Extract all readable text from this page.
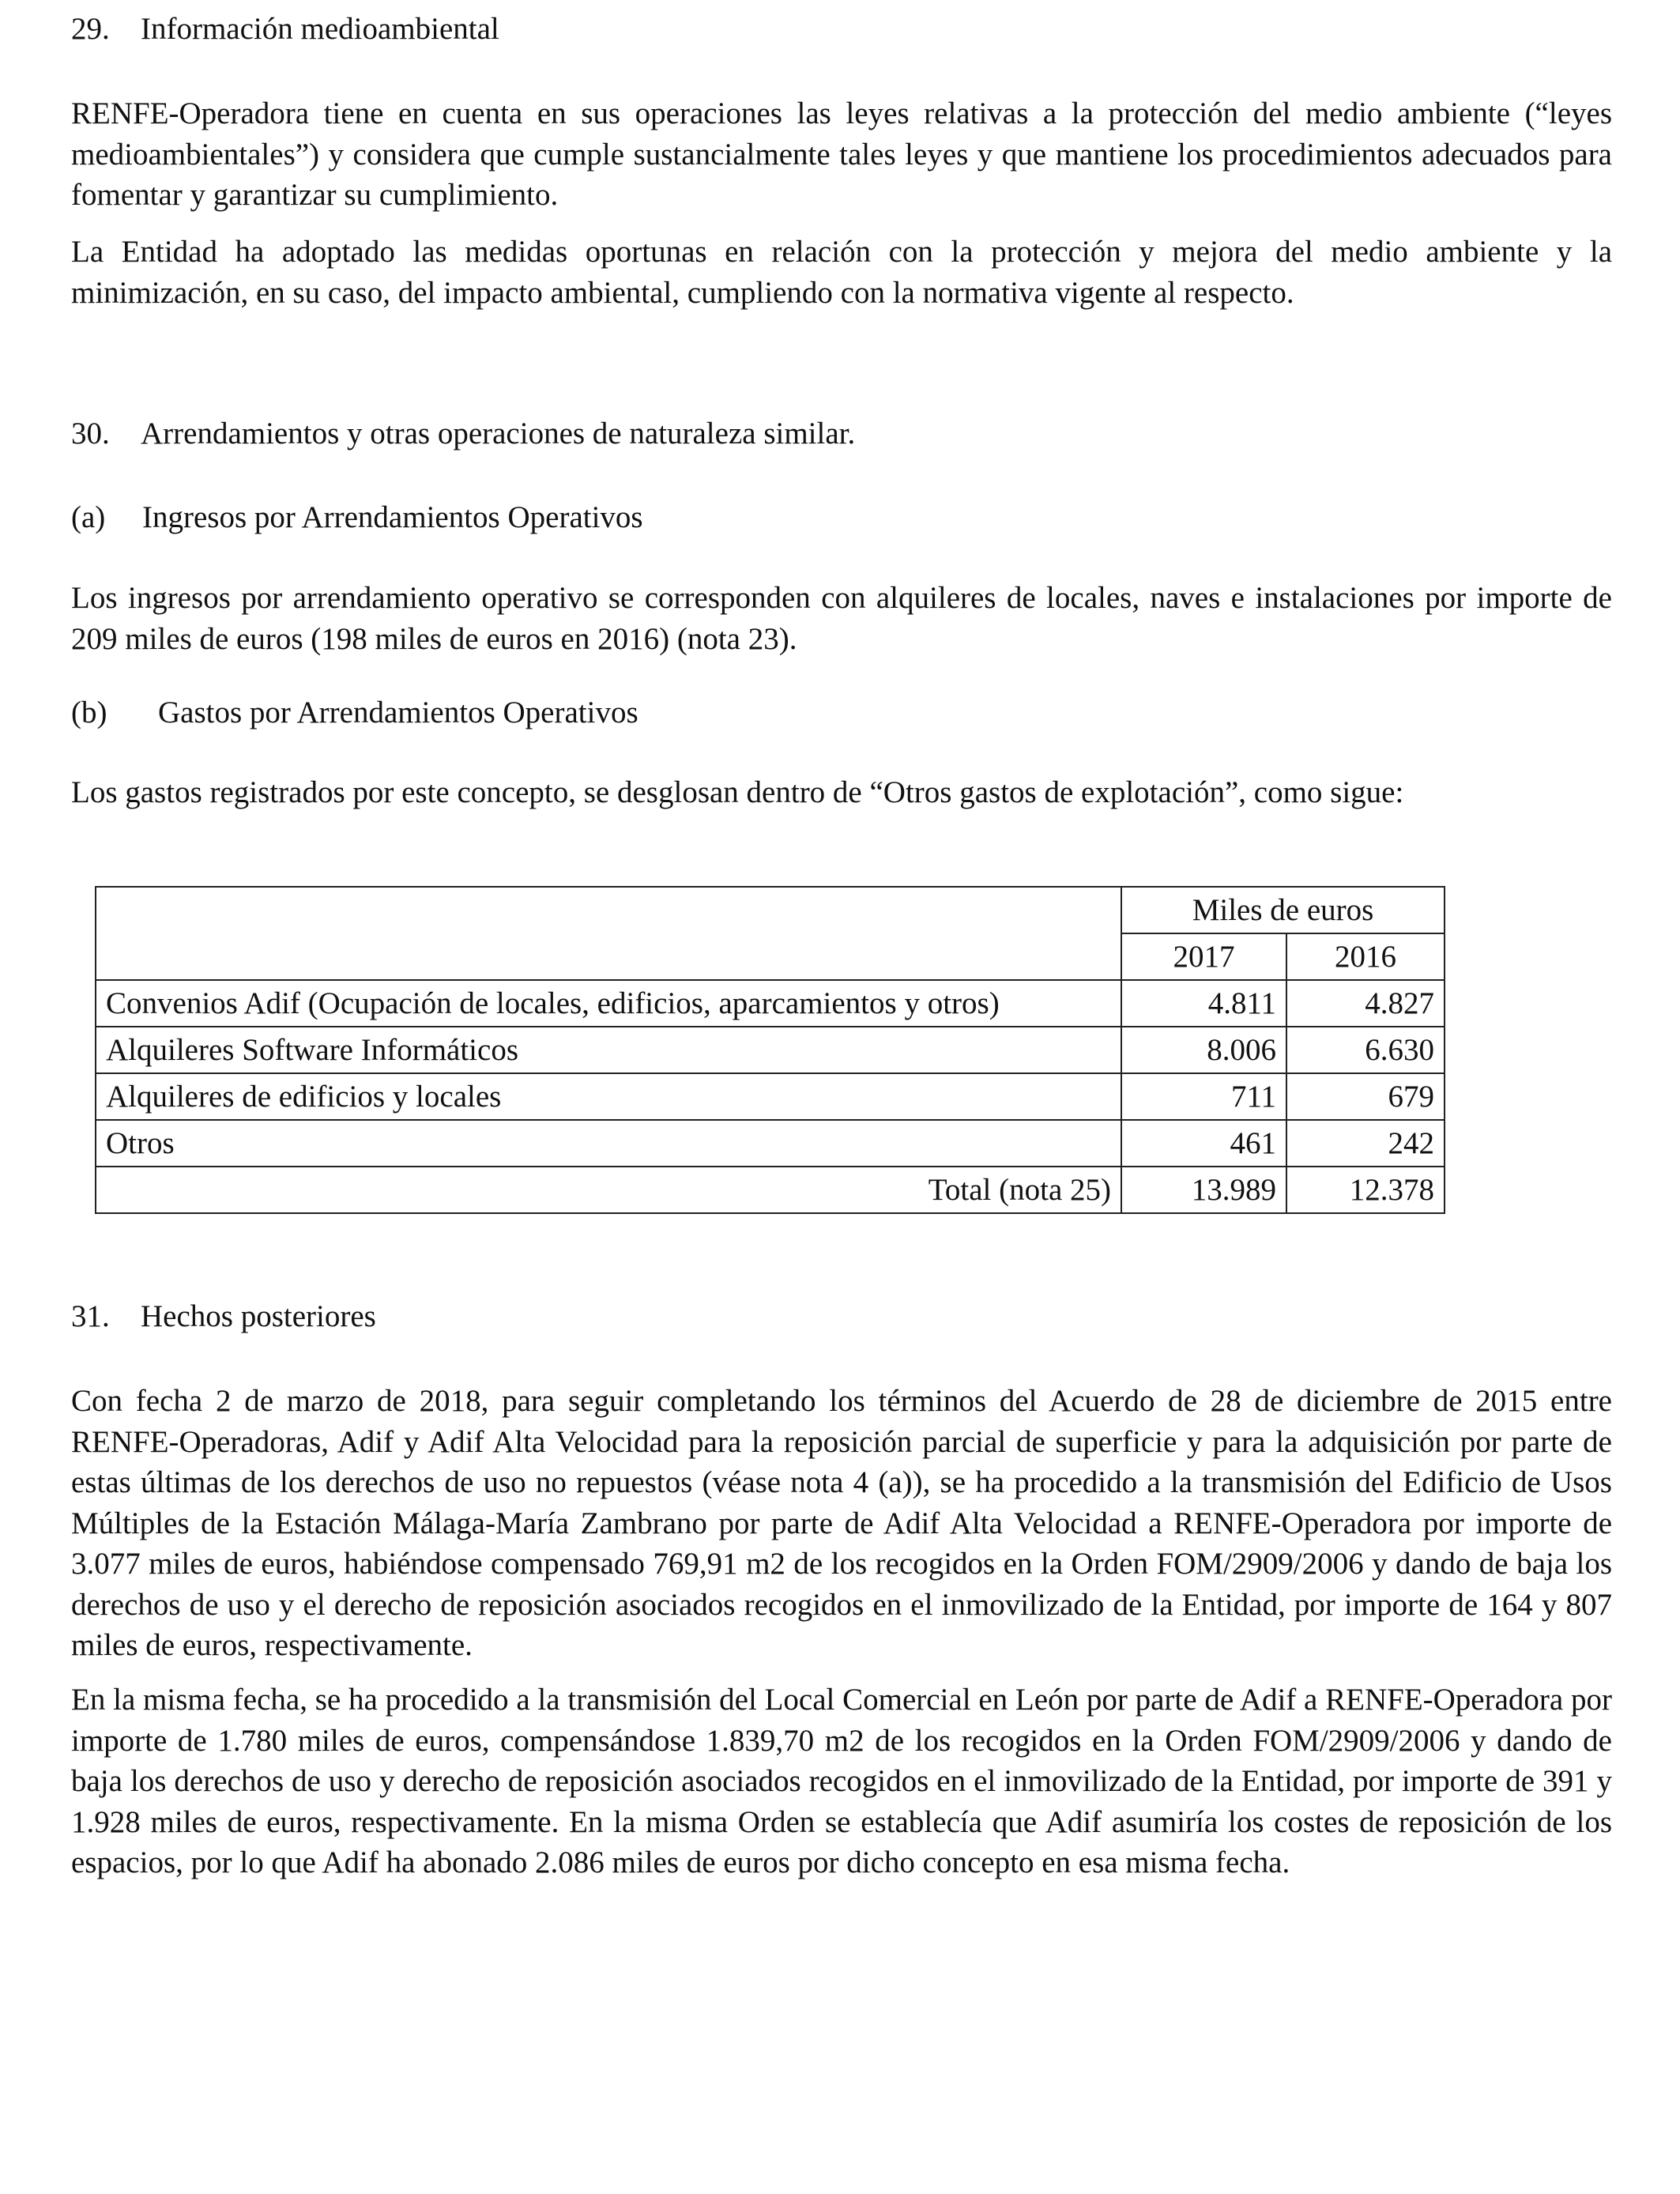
29. Información medioambiental

RENFE-Operadora tiene en cuenta en sus operaciones las leyes relativas a la protección del medio ambiente (“leyes medioambientales”) y considera que cumple sustancialmente tales leyes y que mantiene los procedimientos adecuados para fomentar y garantizar su cumplimiento.

La Entidad ha adoptado las medidas oportunas en relación con la protección y mejora del medio ambiente y la minimización, en su caso, del impacto ambiental, cumpliendo con la normativa vigente al respecto.

30. Arrendamientos y otras operaciones de naturaleza similar.
(a) Ingresos por Arrendamientos Operativos

Los ingresos por arrendamiento operativo se corresponden con alquileres de locales, naves e instalaciones por importe de 209 miles de euros (198 miles de euros en 2016) (nota 23).

(b) Gastos por Arrendamientos Operativos

Los gastos registrados por este concepto, se desglosan dentro de “Otros gastos de explotación”, como sigue:

31. Hechos posteriores

Con fecha 2 de marzo de 2018, para seguir completando los términos del Acuerdo de 28 de diciembre de 2015 entre RENFE-Operadoras, Adif y Adif Alta Velocidad para la reposición parcial de superficie y para la adquisición por parte de estas últimas de los derechos de uso no repuestos (véase nota 4 (a)), se ha procedido a la transmisión del Edificio de Usos Múltiples de la Estación Málaga-María Zambrano por parte de Adif Alta Velocidad a RENFE-Operadora por importe de 3.077 miles de euros, habiéndose compensado 769,91 m2 de los recogidos en la Orden FOM/2909/2006 y dando de baja los derechos de uso y el derecho de reposición asociados recogidos en el inmovilizado de la Entidad, por importe de 164 y 807 miles de euros, respectivamente.

En la misma fecha, se ha procedido a la transmisión del Local Comercial en León por parte de Adif a RENFE-Operadora por importe de 1.780 miles de euros, compensándose 1.839,70 m2 de los recogidos en la Orden FOM/2909/2006 y dando de baja los derechos de uso y derecho de reposición asociados recogidos en el inmovilizado de la Entidad, por importe de 391 y 1.928 miles de euros, respectivamente. En la misma Orden se establecía que Adif asumiría los costes de reposición de los espacios, por lo que Adif ha abonado 2.086 miles de euros por dicho concepto en esa misma fecha.

	Miles de euros	
	2017	2016
Convenios Adif (Ocupación de locales, edificios, aparcamientos y otros)	4.811	4.827
Alquileres Software Informáticos	8.006	6.630
Alquileres de edificios y locales	711	679
Otros	461	242
Total (nota 25)	13.989	12.378
